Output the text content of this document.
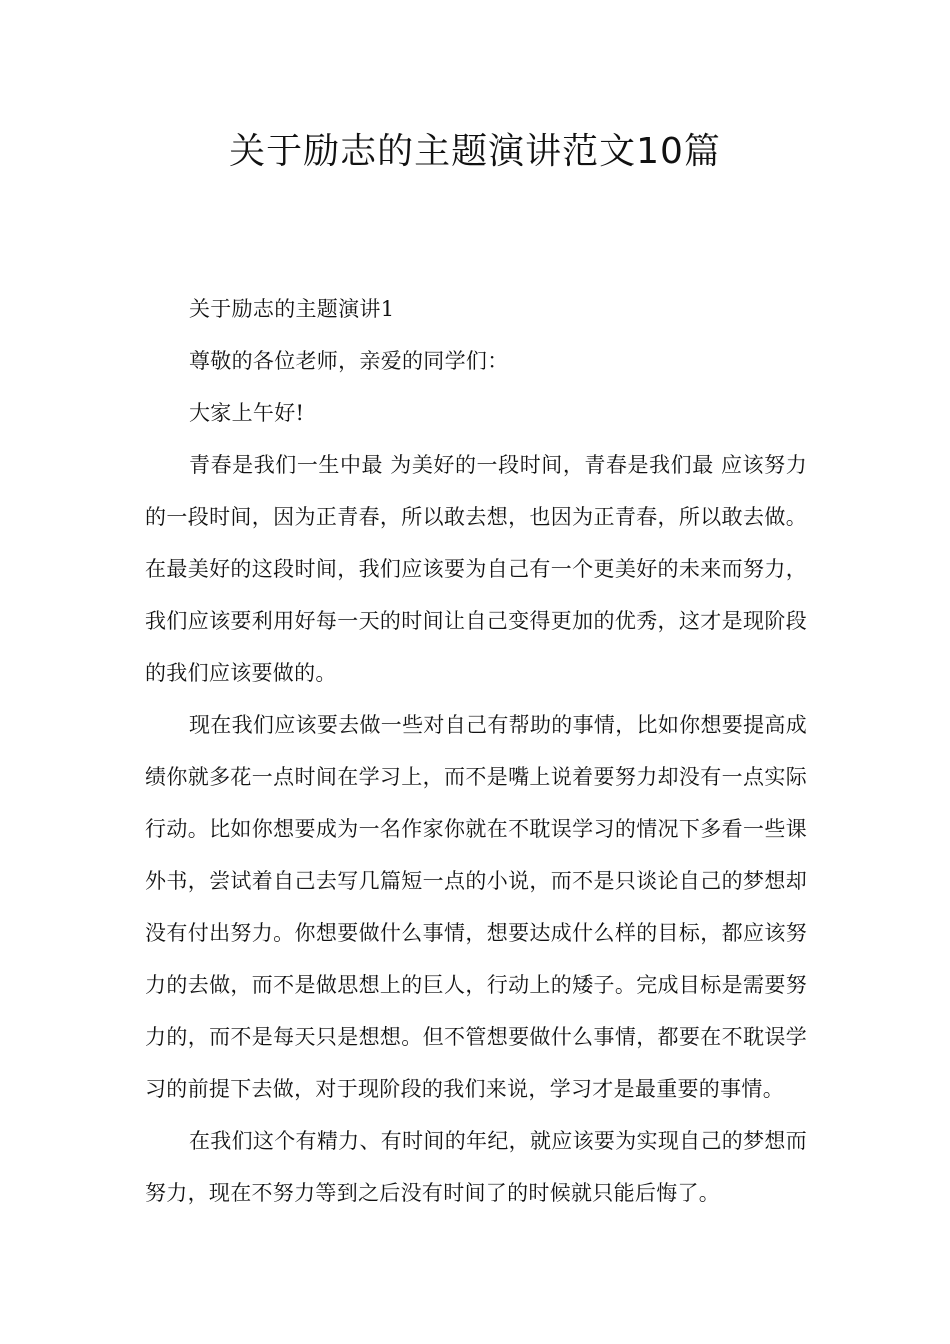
关于励志的主题演讲范文10篇

关于励志的主题演讲1

尊敬的各位老师，亲爱的同学们：

大家上午好!

青春是我们一生中最 为美好的一段时间，青春是我们最 应该努力的一段时间，因为正青春，所以敢去想，也因为正青春，所以敢去做。在最美好的这段时间，我们应该要为自己有一个更美好的未来而努力，我们应该要利用好每一天的时间让自己变得更加的优秀，这才是现阶段的我们应该要做的。

现在我们应该要去做一些对自己有帮助的事情，比如你想要提高成绩你就多花一点时间在学习上，而不是嘴上说着要努力却没有一点实际行动。比如你想要成为一名作家你就在不耽误学习的情况下多看一些课外书，尝试着自己去写几篇短一点的小说，而不是只谈论自己的梦想却没有付出努力。你想要做什么事情，想要达成什么样的目标，都应该努力的去做，而不是做思想上的巨人，行动上的矮子。完成目标是需要努力的，而不是每天只是想想。但不管想要做什么事情，都要在不耽误学习的前提下去做，对于现阶段的我们来说，学习才是最重要的事情。

在我们这个有精力、有时间的年纪，就应该要为实现自己的梦想而努力，现在不努力等到之后没有时间了的时候就只能后悔了。
